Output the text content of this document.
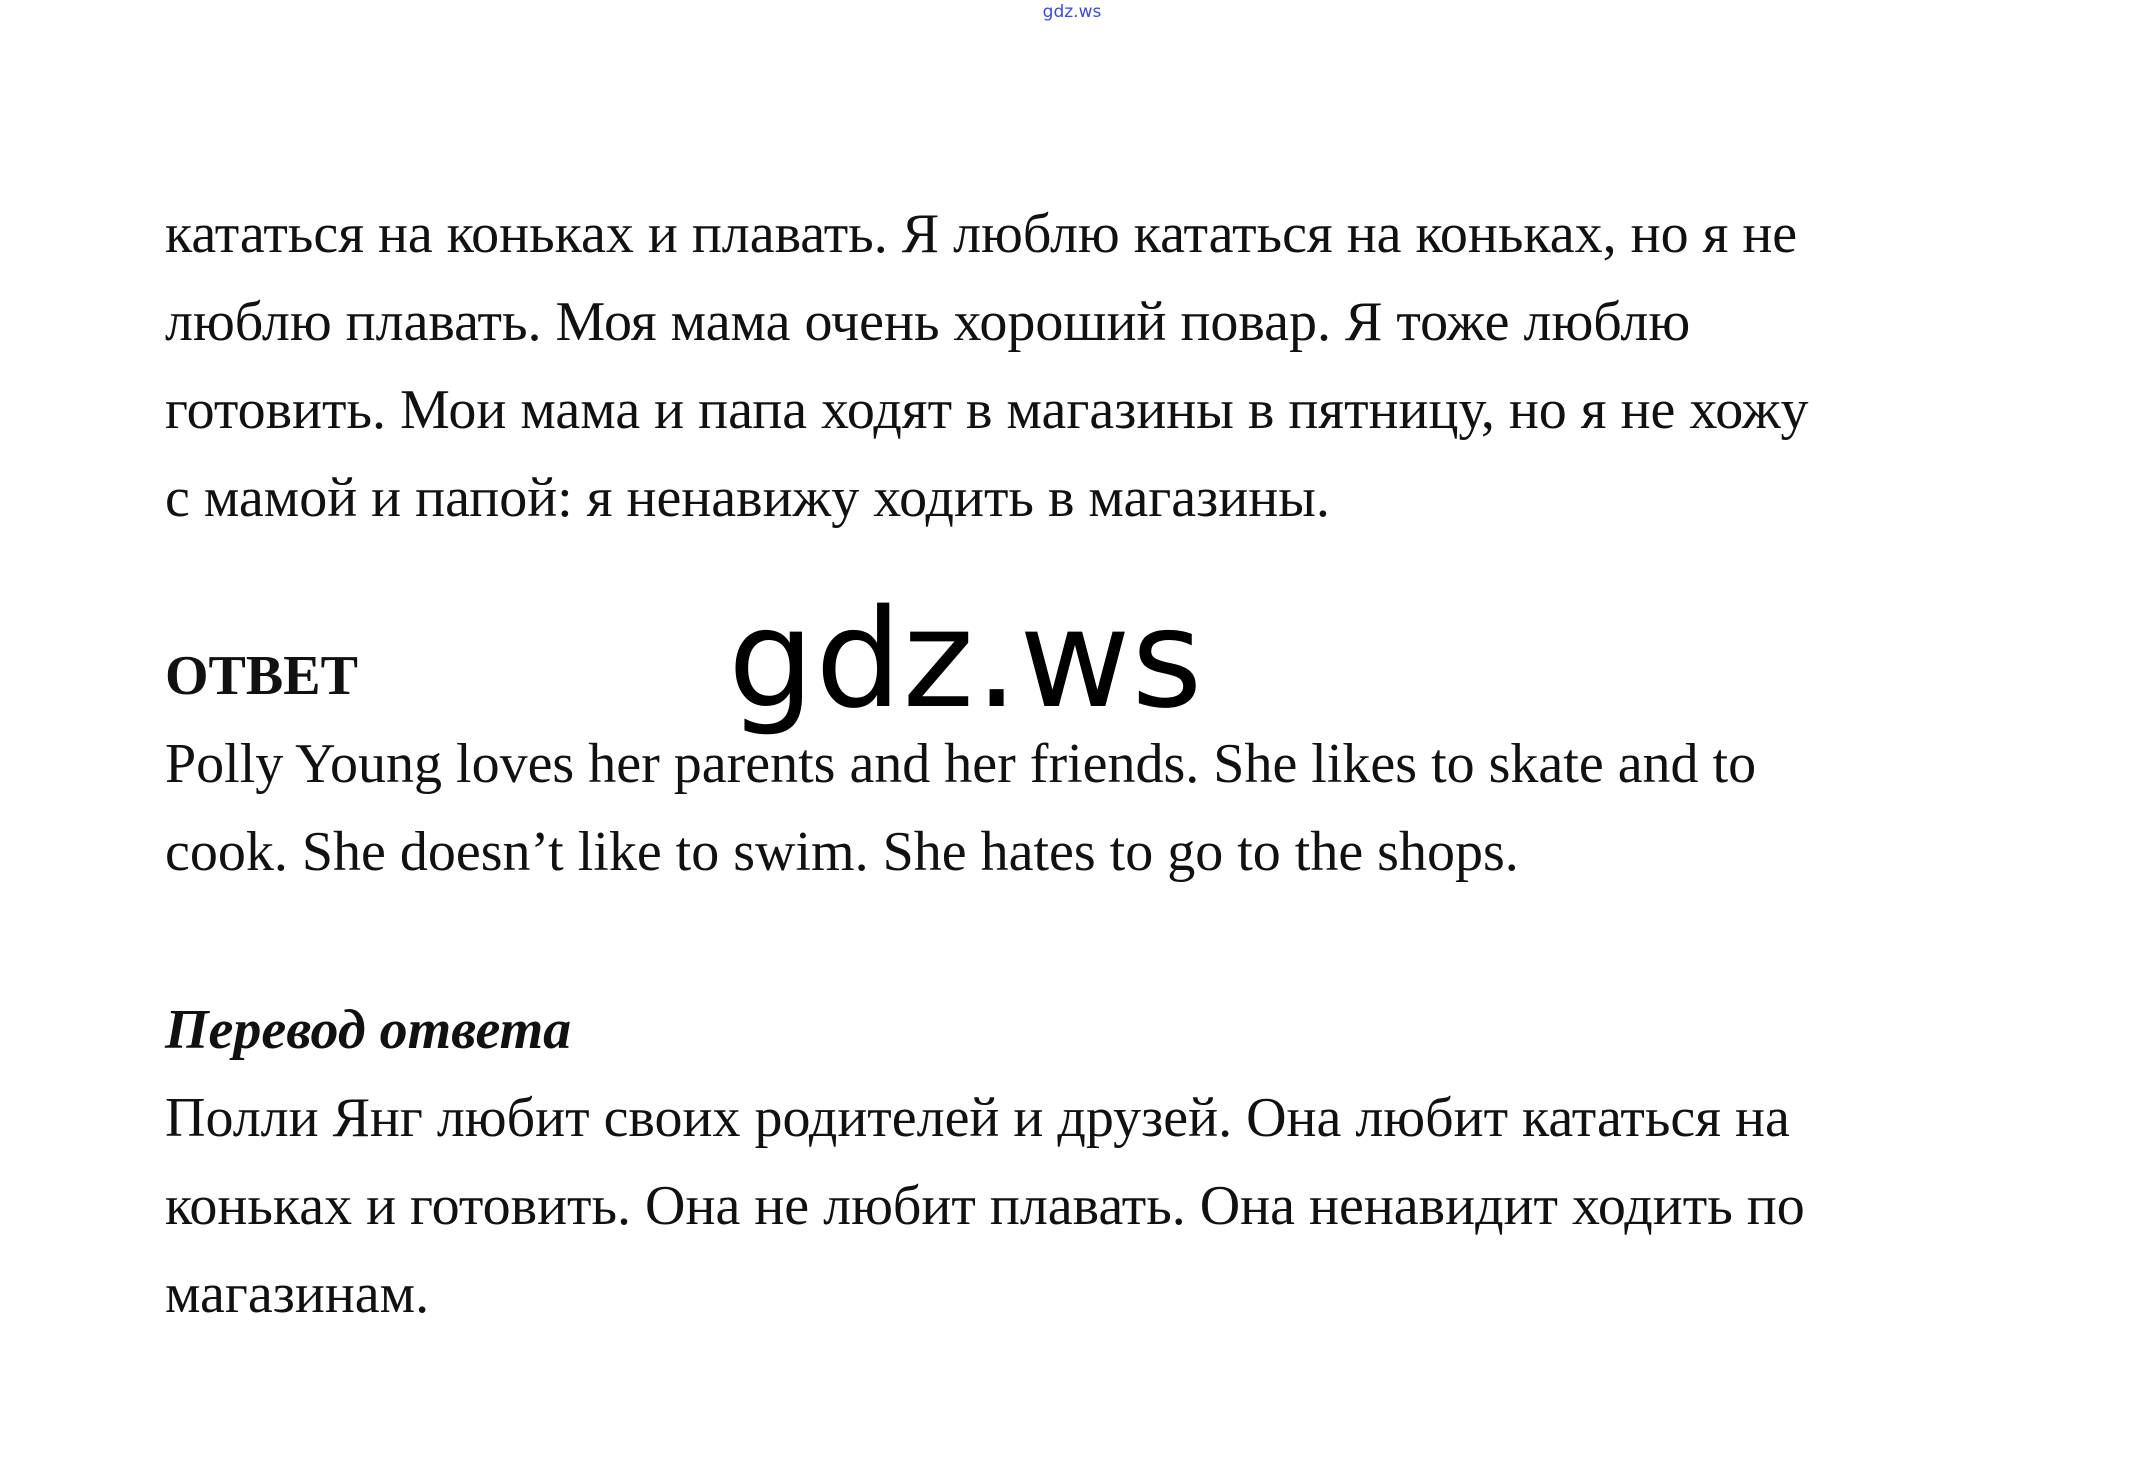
gdz.ws

кататься на коньках и плавать. Я люблю кататься на коньках, но я не
люблю плавать. Моя мама очень хороший повар. Я тоже люблю
готовить. Мои мама и папа ходят в магазины в пятницу, но я не хожу
с мамой и папой: я ненавижу ходить в магазины.

ОТВЕТ

Polly Young loves her parents and her friends. She likes to skate and to
cook. She doesn’t like to swim. She hates to go to the shops.

Перевод ответа

Полли Янг любит своих родителей и друзей. Она любит кататься на
коньках и готовить. Она не любит плавать. Она ненавидит ходить по
магазинам.

gdz.ws
